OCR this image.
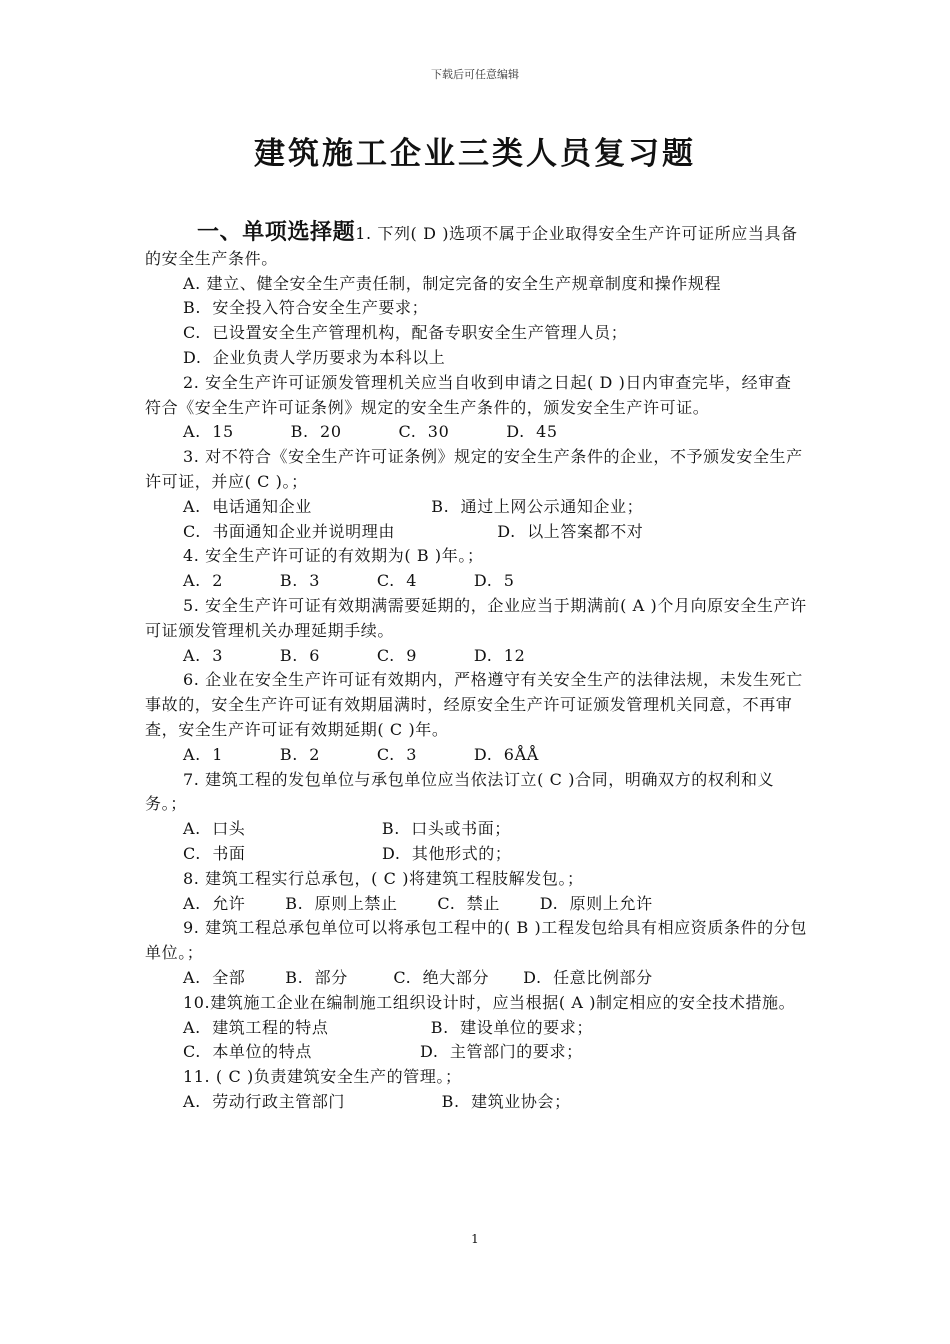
下载后可任意编辑
建筑施工企业三类人员复习题

一、单项选择题1. 下列( D )选项不属于企业取得安全生产许可证所应当具备的安全生产条件。

A. 建立、健全安全生产责任制，制定完备的安全生产规章制度和操作规程

B.  安全投入符合安全生产要求；

C.  已设置安全生产管理机构，配备专职安全生产管理人员；

D.  企业负责人学历要求为本科以上

2. 安全生产许可证颁发管理机关应当自收到申请之日起( D )日内审查完毕，经审查符合《安全生产许可证条例》规定的安全生产条件的，颁发安全生产许可证。

A.  15          B.  20          C.  30          D.  45

3. 对不符合《安全生产许可证条例》规定的安全生产条件的企业，不予颁发安全生产许可证，并应( C )。；

A.  电话通知企业                     B.  通过上网公示通知企业；

C.  书面通知企业并说明理由                  D.  以上答案都不对

4. 安全生产许可证的有效期为( B )年。；

A.  2          B.  3          C.  4          D.  5

5. 安全生产许可证有效期满需要延期的，企业应当于期满前( A )个月向原安全生产许可证颁发管理机关办理延期手续。

A.  3          B.  6          C.  9          D.  12

6. 企业在安全生产许可证有效期内，严格遵守有关安全生产的法律法规，未发生死亡事故的，安全生产许可证有效期届满时，经原安全生产许可证颁发管理机关同意，不再审查，安全生产许可证有效期延期( C )年。

A.  1          B.  2          C.  3          D.  6ÅÅ

7. 建筑工程的发包单位与承包单位应当依法订立( C )合同，明确双方的权利和义务。；

A.  口头                        B.  口头或书面；

C.  书面                        D.  其他形式的；

8. 建筑工程实行总承包，( C )将建筑工程肢解发包。；

A.  允许       B.  原则上禁止       C.  禁止       D.  原则上允许

9. 建筑工程总承包单位可以将承包工程中的( B )工程发包给具有相应资质条件的分包单位。；

A.  全部       B.  部分        C.  绝大部分      D.  任意比例部分

10.建筑施工企业在编制施工组织设计时，应当根据( A )制定相应的安全技术措施。

A.  建筑工程的特点                  B.  建设单位的要求；

C.  本单位的特点                   D.  主管部门的要求；

11. ( C )负责建筑安全生产的管理。；

A.  劳动行政主管部门                 B.  建筑业协会；

1
